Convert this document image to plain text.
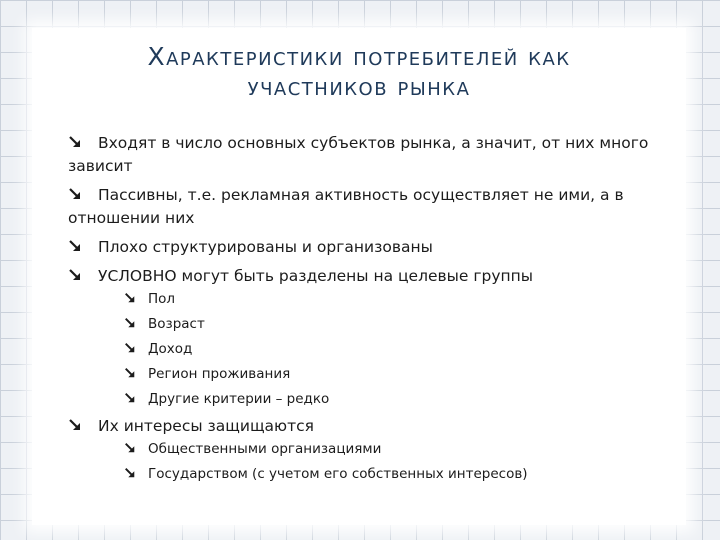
Характеристики потребителей как
участников рынка
Входят в число основных субъектов рынка, а значит, от них много зависит
Пассивны, т.е. рекламная активность осуществляет не ими, а в отношении них
Плохо структурированы и организованы
УСЛОВНО могут быть разделены на целевые группы
Пол
Возраст
Доход
Регион проживания
Другие критерии – редко
Их интересы защищаются
Общественными организациями
Государством (с учетом его собственных интересов)
